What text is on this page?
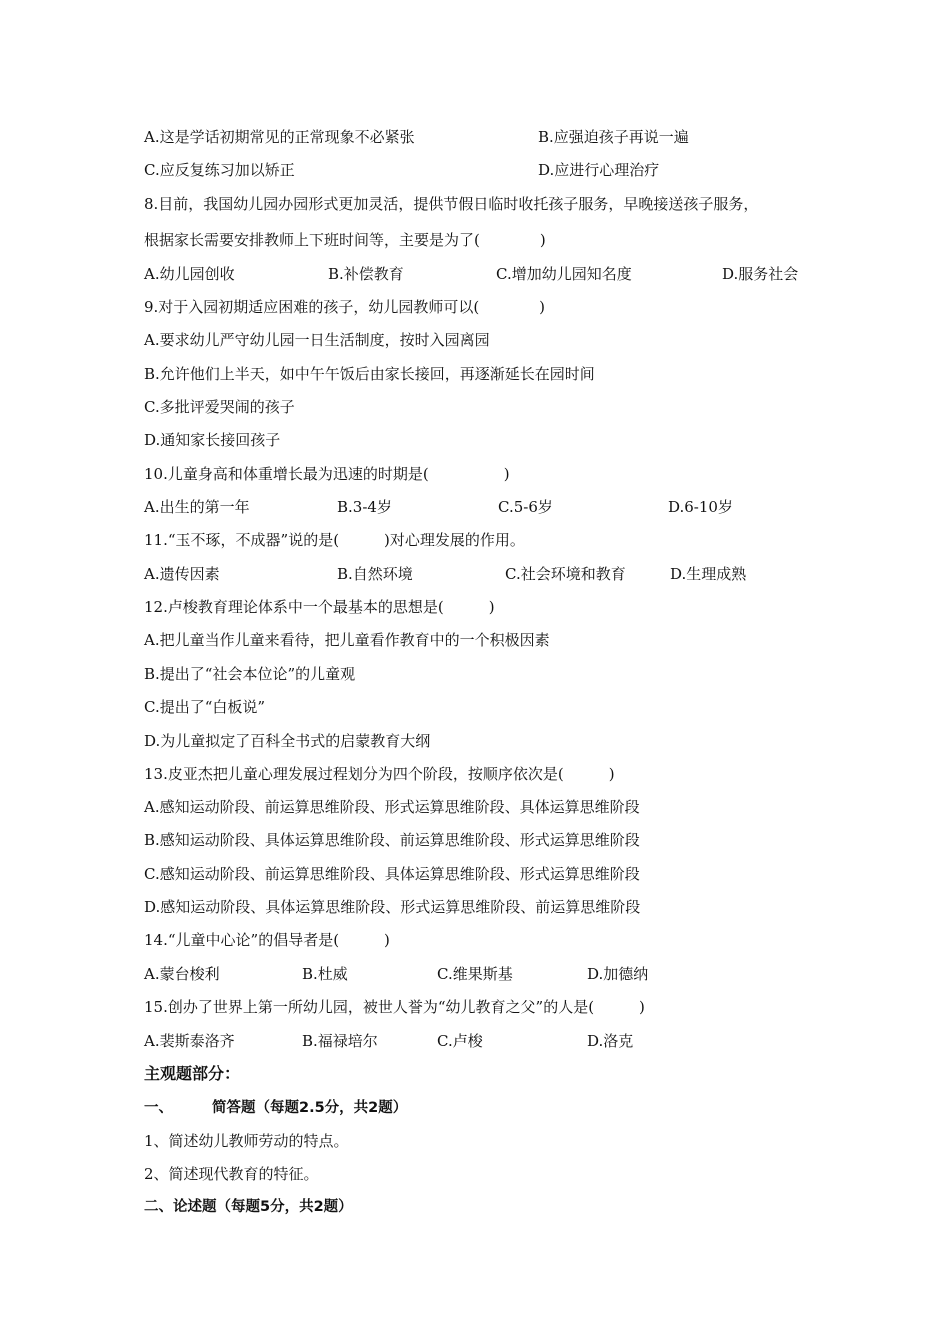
A.这是学话初期常见的正常现象不必紧张	B.应强迫孩子再说一遍
C.应反复练习加以矫正	D.应进行心理治疗
8.目前，我国幼儿园办园形式更加灵活，提供节假日临时收托孩子服务，早晚接送孩子服务，
根据家长需要安排教师上下班时间等，主要是为了(　　　　)
A.幼儿园创收	B.补偿教育	C.增加幼儿园知名度	D.服务社会
9.对于入园初期适应困难的孩子，幼儿园教师可以(　　　　)
A.要求幼儿严守幼儿园一日生活制度，按时入园离园
B.允许他们上半天，如中午午饭后由家长接回，再逐渐延长在园时间
C.多批评爱哭闹的孩子
D.通知家长接回孩子
10.儿童身高和体重增长最为迅速的时期是(　　　　　)
A.出生的第一年	B.3-4岁	C.5-6岁	D.6-10岁
11.“玉不琢，不成器”说的是(　　　)对心理发展的作用。
A.遗传因素	B.自然环境	C.社会环境和教育	D.生理成熟
12.卢梭教育理论体系中一个最基本的思想是(　　　)
A.把儿童当作儿童来看待，把儿童看作教育中的一个积极因素
B.提出了“社会本位论”的儿童观
C.提出了“白板说”
D.为儿童拟定了百科全书式的启蒙教育大纲
13.皮亚杰把儿童心理发展过程划分为四个阶段，按顺序依次是(　　　)
A.感知运动阶段、前运算思维阶段、形式运算思维阶段、具体运算思维阶段
B.感知运动阶段、具体运算思维阶段、前运算思维阶段、形式运算思维阶段
C.感知运动阶段、前运算思维阶段、具体运算思维阶段、形式运算思维阶段
D.感知运动阶段、具体运算思维阶段、形式运算思维阶段、前运算思维阶段
14.“儿童中心论”的倡导者是(　　　)
A.蒙台梭利	B.杜威	C.维果斯基	D.加德纳
15.创办了世界上第一所幼儿园，被世人誉为“幼儿教育之父”的人是(　　　)
A.裴斯泰洛齐	B.福禄培尔	C.卢梭	D.洛克
主观题部分：
一、	简答题（每题2.5分，共2题）
1、简述幼儿教师劳动的特点。
2、简述现代教育的特征。
二、论述题（每题5分，共2题）
